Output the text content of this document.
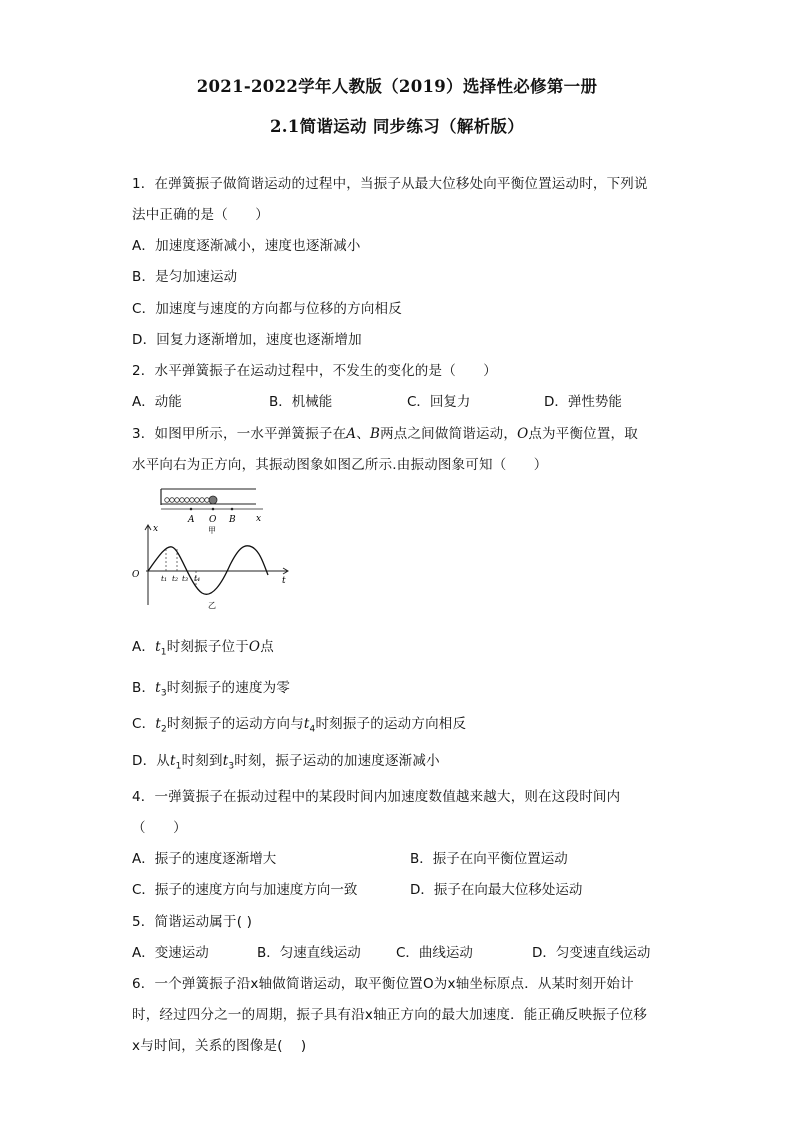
2021-2022学年人教版（2019）选择性必修第一册
2.1简谐运动 同步练习（解析版）
1．在弹簧振子做简谐运动的过程中，当振子从最大位移处向平衡位置运动时，下列说
法中正确的是（　　）
A．加速度逐渐减小，速度也逐渐减小
B．是匀加速运动
C．加速度与速度的方向都与位移的方向相反
D．回复力逐渐增加，速度也逐渐增加
2．水平弹簧振子在运动过程中，不发生的变化的是（　　）
A．动能	B．机械能	C．回复力	D．弹性势能
3．如图甲所示，一水平弹簧振子在A、B两点之间做简谐运动，O点为平衡位置，取
水平向右为正方向，其振动图象如图乙所示.由振动图象可知（　　）
x
A O B
甲
x
O
t
t₁ t₂ t₃ t₄
乙
A．$t_1$时刻振子位于O点
B．$t_3$时刻振子的速度为零
C．$t_2$时刻振子的运动方向与$t_4$时刻振子的运动方向相反
D．从$t_1$时刻到$t_3$时刻，振子运动的加速度逐渐减小
4．一弹簧振子在振动过程中的某段时间内加速度数值越来越大，则在这段时间内
（　　）
A．振子的速度逐渐增大	B．振子在向平衡位置运动
C．振子的速度方向与加速度方向一致	D．振子在向最大位移处运动
5．简谐运动属于( )
A．变速运动	B．匀速直线运动	C．曲线运动	D．匀变速直线运动
6．一个弹簧振子沿x轴做简谐运动，取平衡位置O为x轴坐标原点．从某时刻开始计
时，经过四分之一的周期，振子具有沿x轴正方向的最大加速度．能正确反映振子位移
x与时间，关系的图像是(　 )
